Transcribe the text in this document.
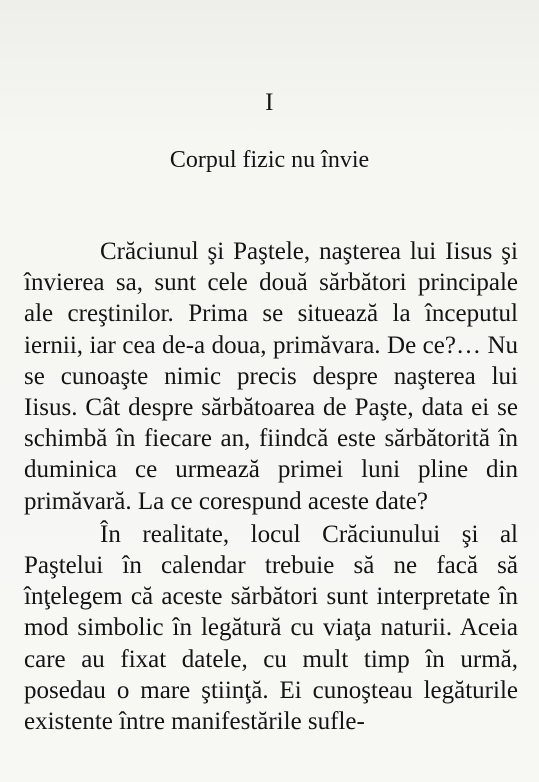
I
Corpul fizic nu învie

Crăciunul şi Paştele, naşterea lui Iisus şi învierea sa, sunt cele două sărbători principale ale creştinilor. Prima se situează la începutul iernii, iar cea de-a doua, primăvara. De ce?… Nu se cunoaşte nimic precis despre naşterea lui Iisus. Cât despre sărbătoarea de Paşte, data ei se schimbă în fiecare an, fiindcă este sărbătorită în duminica ce urmează primei luni pline din primăvară. La ce corespund aceste date?

În realitate, locul Crăciunului şi al Paştelui în calendar trebuie să ne facă să înţelegem că aceste sărbători sunt interpretate în mod simbolic în legătură cu viaţa naturii. Aceia care au fixat datele, cu mult timp în urmă, posedau o mare ştiinţă. Ei cunoşteau legăturile existente între manifestările sufle-
